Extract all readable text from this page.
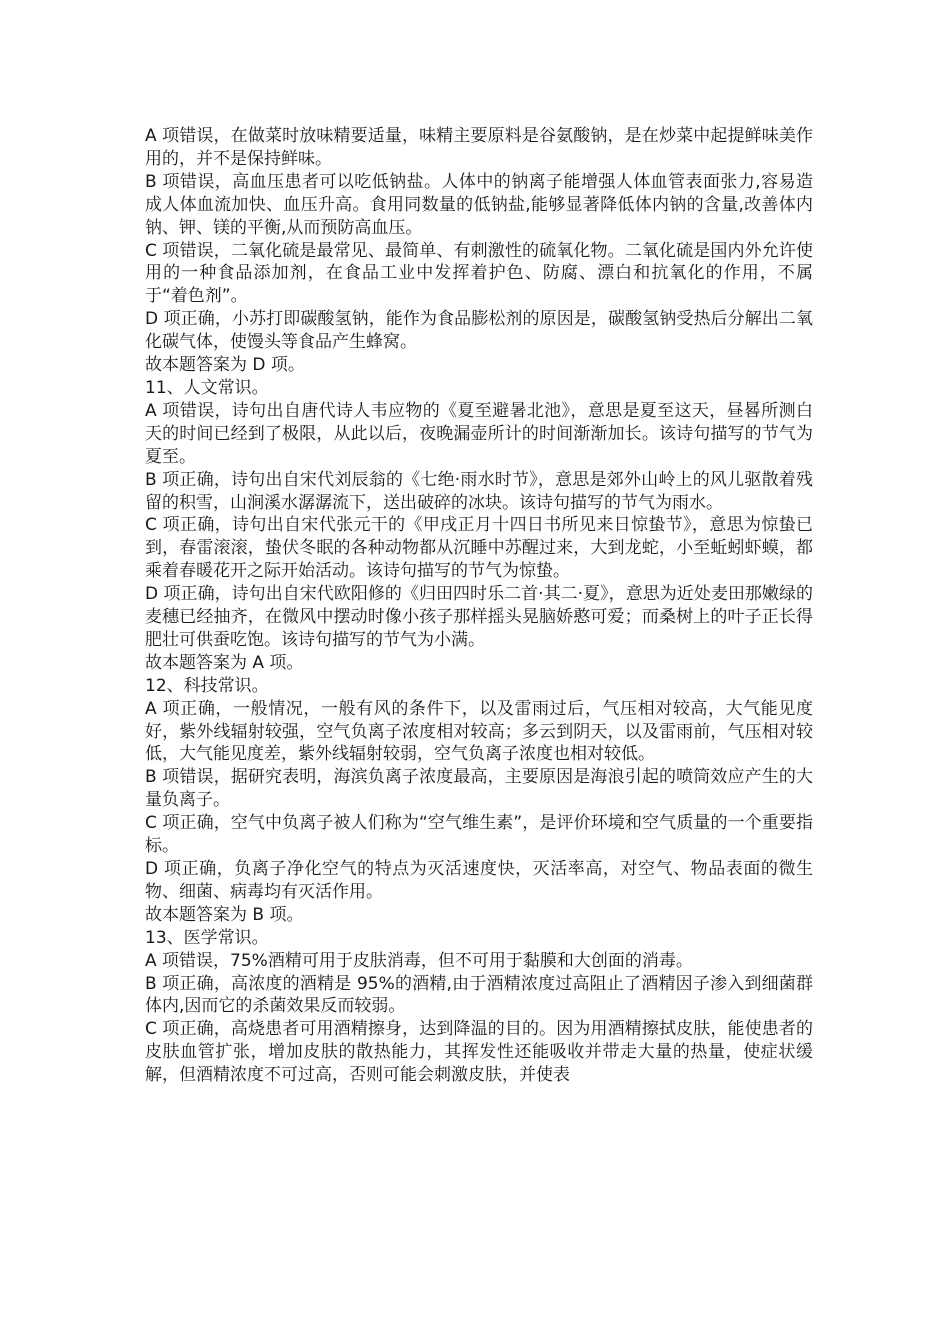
A 项错误，在做菜时放味精要适量，味精主要原料是谷氨酸钠，是在炒菜中起提鲜味美作用的，并不是保持鲜味。

B 项错误，高血压患者可以吃低钠盐。人体中的钠离子能增强人体血管表面张力,容易造成人体血流加快、血压升高。食用同数量的低钠盐,能够显著降低体内钠的含量,改善体内钠、钾、镁的平衡,从而预防高血压。

C 项错误，二氧化硫是最常见、最简单、有刺激性的硫氧化物。二氧化硫是国内外允许使用的一种食品添加剂，在食品工业中发挥着护色、防腐、漂白和抗氧化的作用，不属于“着色剂”。

D 项正确，小苏打即碳酸氢钠，能作为食品膨松剂的原因是，碳酸氢钠受热后分解出二氧化碳气体，使馒头等食品产生蜂窝。

故本题答案为 D 项。

11、人文常识。

A 项错误，诗句出自唐代诗人韦应物的《夏至避暑北池》，意思是夏至这天，昼晷所测白天的时间已经到了极限，从此以后，夜晚漏壶所计的时间渐渐加长。该诗句描写的节气为夏至。

B 项正确，诗句出自宋代刘辰翁的《七绝·雨水时节》，意思是郊外山岭上的风儿驱散着残留的积雪，山涧溪水潺潺流下，送出破碎的冰块。该诗句描写的节气为雨水。

C 项正确，诗句出自宋代张元干的《甲戌正月十四日书所见来日惊蛰节》，意思为惊蛰已到，春雷滚滚，蛰伏冬眠的各种动物都从沉睡中苏醒过来，大到龙蛇，小至蚯蚓虾蟆，都乘着春暖花开之际开始活动。该诗句描写的节气为惊蛰。

D 项正确，诗句出自宋代欧阳修的《归田四时乐二首·其二·夏》，意思为近处麦田那嫩绿的麦穗已经抽齐，在微风中摆动时像小孩子那样摇头晃脑娇憨可爱；而桑树上的叶子正长得肥壮可供蚕吃饱。该诗句描写的节气为小满。

故本题答案为 A 项。

12、科技常识。

A 项正确，一般情况，一般有风的条件下，以及雷雨过后，气压相对较高，大气能见度好，紫外线辐射较强，空气负离子浓度相对较高；多云到阴天，以及雷雨前，气压相对较低，大气能见度差，紫外线辐射较弱，空气负离子浓度也相对较低。

B 项错误，据研究表明，海滨负离子浓度最高，主要原因是海浪引起的喷筒效应产生的大量负离子。

C 项正确，空气中负离子被人们称为“空气维生素”，是评价环境和空气质量的一个重要指标。

D 项正确，负离子净化空气的特点为灭活速度快，灭活率高，对空气、物品表面的微生物、细菌、病毒均有灭活作用。

故本题答案为 B 项。

13、医学常识。

A 项错误，75%酒精可用于皮肤消毒，但不可用于黏膜和大创面的消毒。

B 项正确，高浓度的酒精是 95%的酒精,由于酒精浓度过高阻止了酒精因子渗入到细菌群体内,因而它的杀菌效果反而较弱。

C 项正确，高烧患者可用酒精擦身，达到降温的目的。因为用酒精擦拭皮肤，能使患者的皮肤血管扩张，增加皮肤的散热能力，其挥发性还能吸收并带走大量的热量，使症状缓解，但酒精浓度不可过高，否则可能会刺激皮肤，并使表
